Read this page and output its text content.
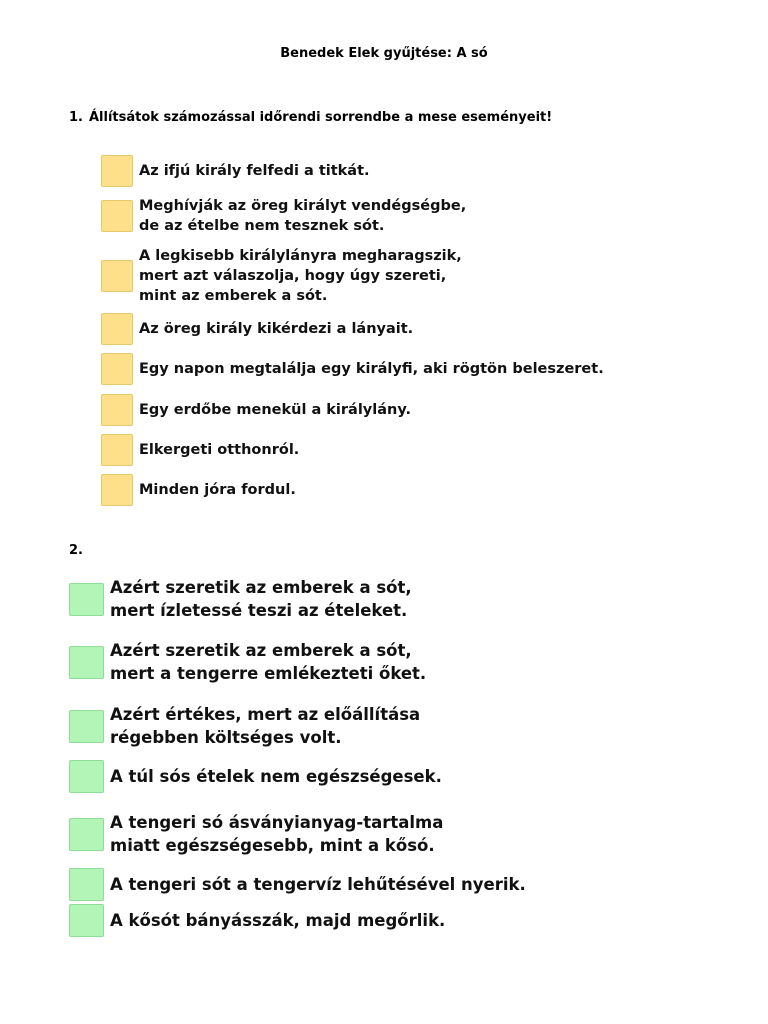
Benedek Elek gyűjtése: A só
1. Állítsátok számozással időrendi sorrendbe a mese eseményeit!
Az ifjú király felfedi a titkát.
Meghívják az öreg királyt vendégségbe,
de az ételbe nem tesznek sót.
A legkisebb királylányra megharagszik,
mert azt válaszolja, hogy úgy szereti,
mint az emberek a sót.
Az öreg király kikérdezi a lányait.
Egy napon megtalálja egy királyfi, aki rögtön beleszeret.
Egy erdőbe menekül a királylány.
Elkergeti otthonról.
Minden jóra fordul.
2.
Azért szeretik az emberek a sót,
mert ízletessé teszi az ételeket.
Azért szeretik az emberek a sót,
mert a tengerre emlékezteti őket.
Azért értékes, mert az előállítása
régebben költséges volt.
A túl sós ételek nem egészségesek.
A tengeri só ásványianyag-tartalma
miatt egészségesebb, mint a kősó.
A tengeri sót a tengervíz lehűtésével nyerik.
A kősót bányásszák, majd megőrlik.
